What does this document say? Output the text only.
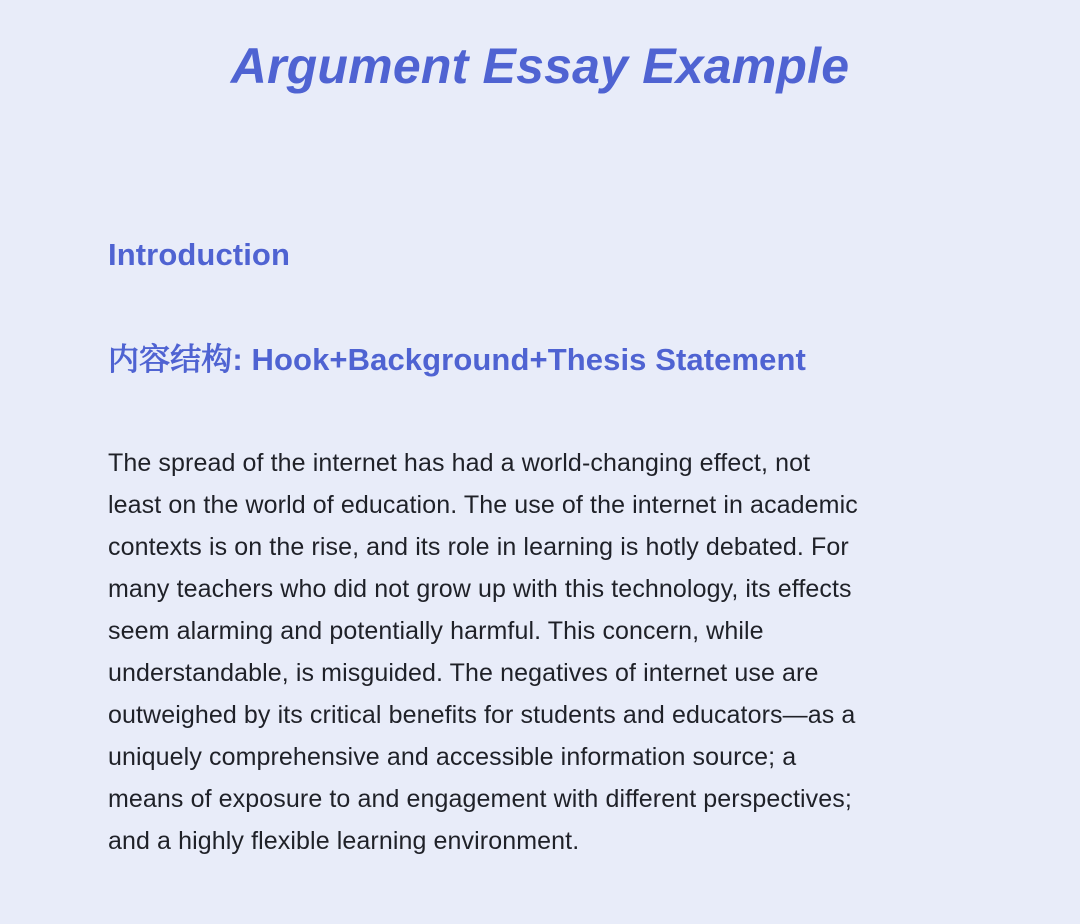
Argument Essay Example
Introduction
内容结构: Hook+Background+Thesis Statement

The spread of the internet has had a world-changing effect, not
least on the world of education. The use of the internet in academic
contexts is on the rise, and its role in learning is hotly debated. For
many teachers who did not grow up with this technology, its effects
seem alarming and potentially harmful. This concern, while
understandable, is misguided. The negatives of internet use are
outweighed by its critical benefits for students and educators—as a
uniquely comprehensive and accessible information source; a
means of exposure to and engagement with different perspectives;
and a highly flexible learning environment.
